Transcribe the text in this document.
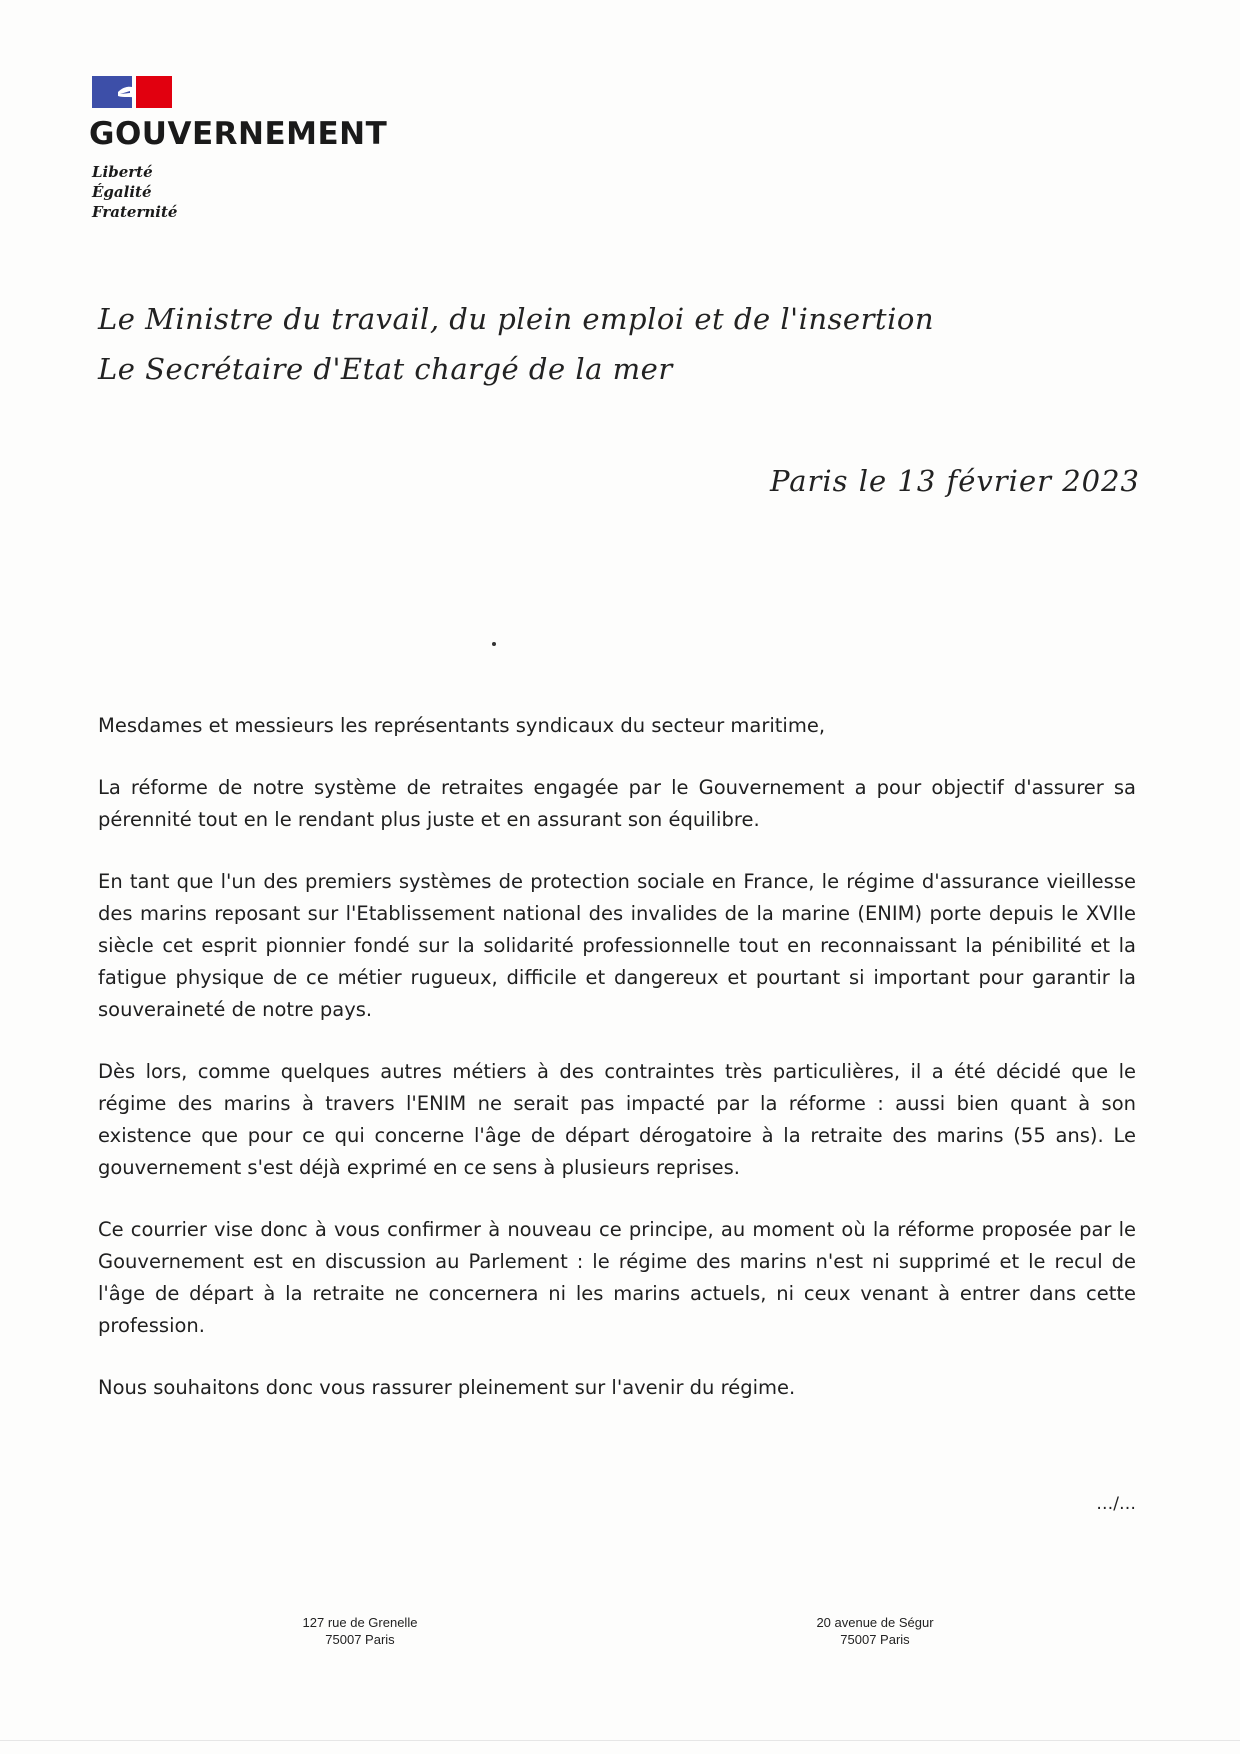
GOUVERNEMENT
Liberté
Égalité
Fraternité
Le Ministre du travail, du plein emploi et de l'insertion
Le Secrétaire d'Etat chargé de la mer
Paris le 13 février 2023

Mesdames et messieurs les représentants syndicaux du secteur maritime,

La réforme de notre système de retraites engagée par le Gouvernement a pour objectif d'assurer sa pérennité tout en le rendant plus juste et en assurant son équilibre.

En tant que l'un des premiers systèmes de protection sociale en France, le régime d'assurance vieillesse des marins reposant sur l'Etablissement national des invalides de la marine (ENIM) porte depuis le XVIIe siècle cet esprit pionnier fondé sur la solidarité professionnelle tout en reconnaissant la pénibilité et la fatigue physique de ce métier rugueux, difficile et dangereux et pourtant si important pour garantir la souveraineté de notre pays.

Dès lors, comme quelques autres métiers à des contraintes très particulières, il a été décidé que le régime des marins à travers l'ENIM ne serait pas impacté par la réforme : aussi bien quant à son existence que pour ce qui concerne l'âge de départ dérogatoire à la retraite des marins (55 ans). Le gouvernement s'est déjà exprimé en ce sens à plusieurs reprises.

Ce courrier vise donc à vous confirmer à nouveau ce principe, au moment où la réforme proposée par le Gouvernement est en discussion au Parlement : le régime des marins n'est ni supprimé et le recul de l'âge de départ à la retraite ne concernera ni les marins actuels, ni ceux venant à entrer dans cette profession.

Nous souhaitons donc vous rassurer pleinement sur l'avenir du régime.

…/…
127 rue de Grenelle
75007 Paris
20 avenue de Ségur
75007 Paris
